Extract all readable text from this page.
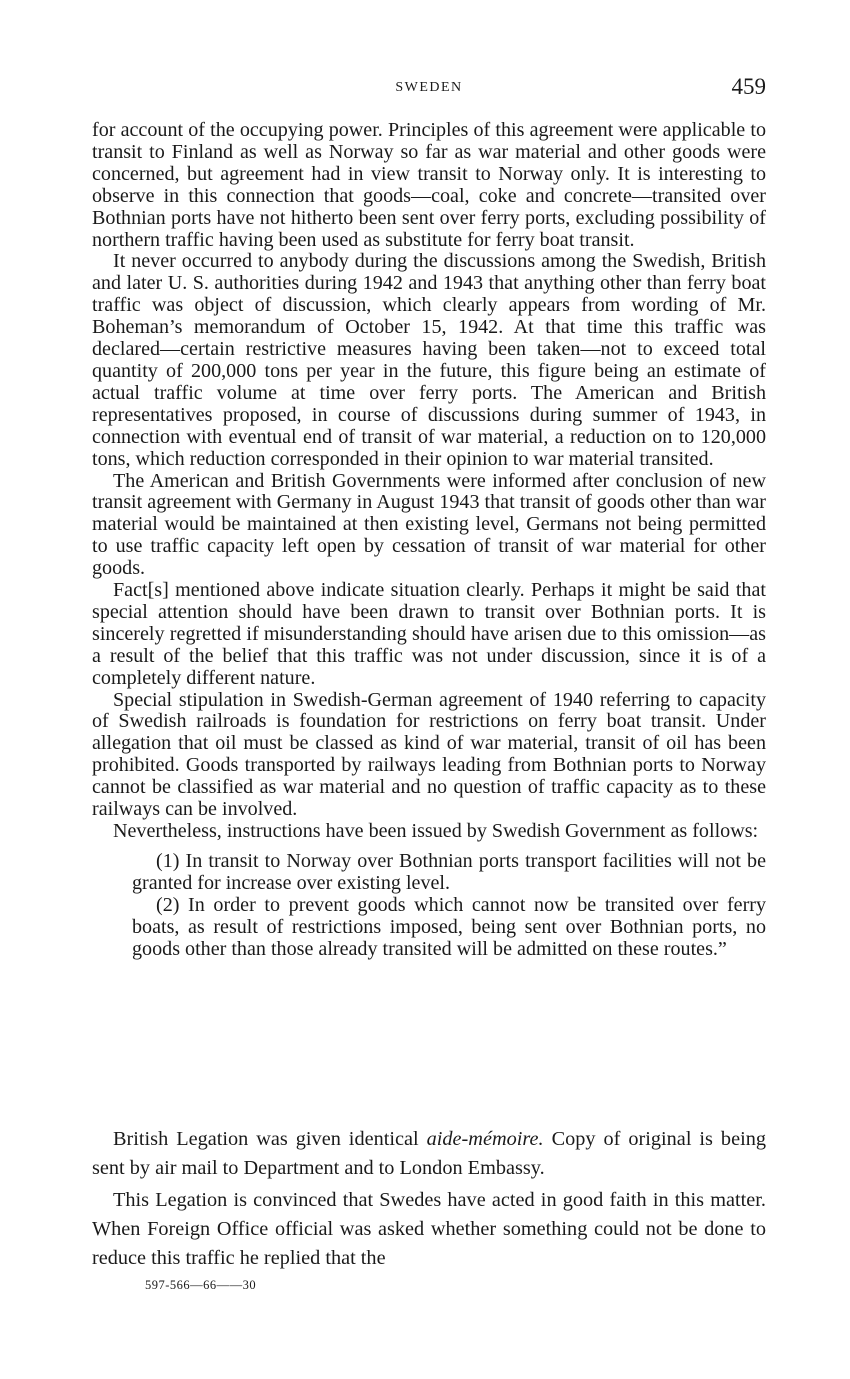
SWEDEN	459

for account of the occupying power. Principles of this agreement were applicable to transit to Finland as well as Norway so far as war material and other goods were concerned, but agreement had in view transit to Norway only. It is interesting to observe in this connection that goods—coal, coke and concrete—transited over Bothnian ports have not hitherto been sent over ferry ports, excluding possibility of northern traffic having been used as substitute for ferry boat transit.

It never occurred to anybody during the discussions among the Swedish, British and later U. S. authorities during 1942 and 1943 that anything other than ferry boat traffic was object of discussion, which clearly appears from wording of Mr. Boheman’s memorandum of October 15, 1942. At that time this traffic was declared—certain restrictive measures having been taken—not to exceed total quantity of 200,000 tons per year in the future, this figure being an estimate of actual traffic volume at time over ferry ports. The American and British representatives proposed, in course of discussions during summer of 1943, in connection with eventual end of transit of war material, a reduction on to 120,000 tons, which reduction corresponded in their opinion to war material transited.

The American and British Governments were informed after conclusion of new transit agreement with Germany in August 1943 that transit of goods other than war material would be maintained at then existing level, Germans not being permitted to use traffic capacity left open by cessation of transit of war material for other goods.

Fact[s] mentioned above indicate situation clearly. Perhaps it might be said that special attention should have been drawn to transit over Bothnian ports. It is sincerely regretted if misunderstanding should have arisen due to this omission—as a result of the belief that this traffic was not under discussion, since it is of a completely different nature.

Special stipulation in Swedish-German agreement of 1940 referring to capacity of Swedish railroads is foundation for restrictions on ferry boat transit. Under allegation that oil must be classed as kind of war material, transit of oil has been prohibited. Goods transported by railways leading from Bothnian ports to Norway cannot be classified as war material and no question of traffic capacity as to these railways can be involved.

Nevertheless, instructions have been issued by Swedish Government as follows:

(1) In transit to Norway over Bothnian ports transport facilities will not be granted for increase over existing level.

(2) In order to prevent goods which cannot now be transited over ferry boats, as result of restrictions imposed, being sent over Bothnian ports, no goods other than those already transited will be admitted on these routes.”

British Legation was given identical aide-mémoire. Copy of original is being sent by air mail to Department and to London Embassy.

This Legation is convinced that Swedes have acted in good faith in this matter. When Foreign Office official was asked whether something could not be done to reduce this traffic he replied that the

597-566—66——30
